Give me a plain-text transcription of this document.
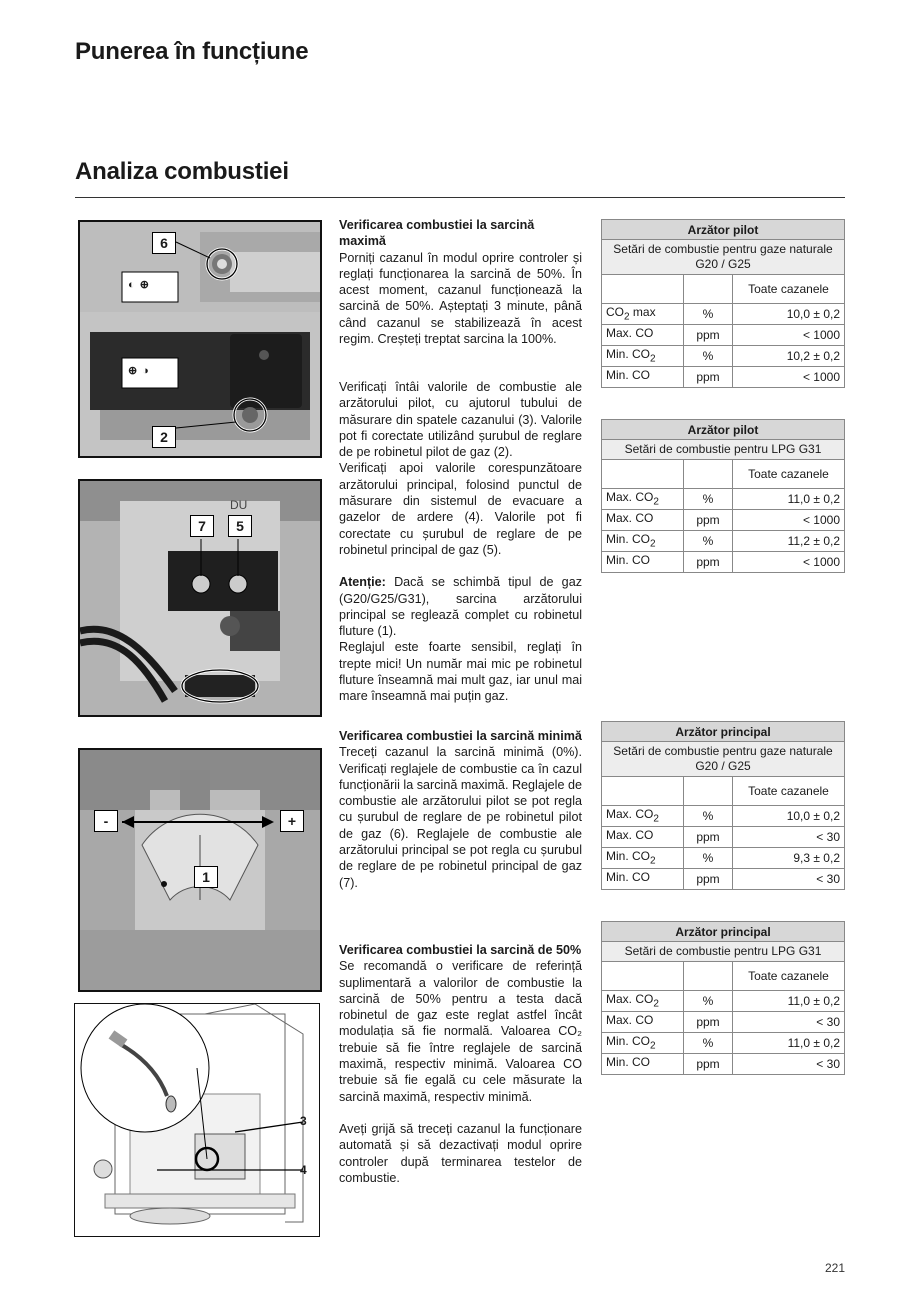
Punerea în funcțiune
Analiza combustiei
6
2
◐ ⊕
⊕ ◑
DU
7	5
-	+
1
3
4

Verificarea combustiei la sarcină maximă

Porniți cazanul în modul oprire controler și reglați funcționarea la sarcină de 50%. În acest moment, cazanul funcționează la sarcină de 50%. Așteptați 3 minute, până când cazanul se stabilizează în acest regim. Creșteți treptat sarcina la 100%.

Verificați întâi valorile de combustie ale arzătorului pilot, cu ajutorul tubului de măsurare din spatele cazanului (3). Valorile pot fi corectate utilizând șurubul de reglare de pe robinetul pilot de gaz (2).

Verificați apoi valorile corespunzătoare arzătorului principal, folosind punctul de măsurare din sistemul de evacuare a gazelor de ardere (4). Valorile pot fi corectate cu șurubul de reglare de pe robinetul principal de gaz (5).

Atenție: Dacă se schimbă tipul de gaz (G20/G25/G31), sarcina arzătorului principal se reglează complet cu robinetul fluture (1).

Reglajul este foarte sensibil, reglați în trepte mici! Un număr mai mic pe robinetul fluture înseamnă mai mult gaz, iar unul mai mare înseamnă mai puțin gaz.

Verificarea combustiei la sarcină minimă

Treceți cazanul la sarcină minimă (0%). Verificați reglajele de combustie ca în cazul funcționării la sarcină maximă. Reglajele de combustie ale arzătorului pilot se pot regla cu șurubul de reglare de pe robinetul pilot de gaz (6). Reglajele de combustie ale arzătorului principal se pot regla cu șurubul de reglare de pe robinetul principal de gaz (7).

Verificarea combustiei la sarcină de 50%

Se recomandă o verificare de referință suplimentară a valorilor de combustie la sarcină de 50% pentru a testa dacă robinetul de gaz este reglat astfel încât modulația să fie normală. Valoarea CO₂ trebuie să fie între reglajele de sarcină maximă, respectiv minimă. Valoarea CO trebuie să fie egală cu cele măsurate la sarcină maximă, respectiv minimă.

Aveți grijă să treceți cazanul la funcționare automată și să dezactivați modul oprire controler după terminarea testelor de combustie.

Arzător pilot		
Setări de combustie pentru gaze naturale G20 / G25		
		Toate cazanele
$CO_2$ max	%	10,0 ± 0,2
Max. CO	ppm	< 1000
Min. $CO_2$	%	10,2 ± 0,2
Min. CO	ppm	< 1000
Arzător pilot		
Setări de combustie pentru LPG G31		
		Toate cazanele
Max. $CO_2$	%	11,0 ± 0,2
Max. CO	ppm	< 1000
Min. $CO_2$	%	11,2 ± 0,2
Min. CO	ppm	< 1000
Arzător principal		
Setări de combustie pentru gaze naturale G20 / G25		
		Toate cazanele
Max. $CO_2$	%	10,0 ± 0,2
Max. CO	ppm	< 30
Min. $CO_2$	%	9,3 ± 0,2
Min. CO	ppm	< 30
Arzător principal		
Setări de combustie pentru LPG G31		
		Toate cazanele
Max. $CO_2$	%	11,0 ± 0,2
Max. CO	ppm	< 30
Min. $CO_2$	%	11,0 ± 0,2
Min. CO	ppm	< 30
221
